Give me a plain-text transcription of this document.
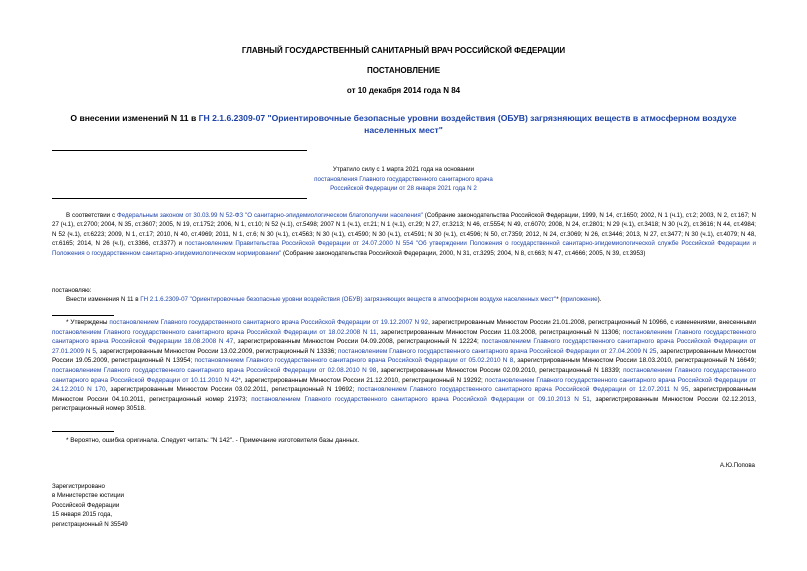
ГЛАВНЫЙ ГОСУДАРСТВЕННЫЙ САНИТАРНЫЙ ВРАЧ РОССИЙСКОЙ ФЕДЕРАЦИИ
ПОСТАНОВЛЕНИЕ
от 10 декабря 2014 года N 84
О внесении изменений N 11 в ГН 2.1.6.2309-07 "Ориентировочные безопасные уровни воздействия (ОБУВ) загрязняющих веществ в атмосферном воздухе
населенных мест"
Утратило силу с 1 марта 2021 года на основании
постановления Главного государственного санитарного врача
Российской Федерации от 28 января 2021 года N 2
В соответствии с Федеральным законом от 30.03.99 N 52-ФЗ "О санитарно-эпидемиологическом благополучии населения" (Собрание законодательства Российской Федерации, 1999, N 14, ст.1650; 2002, N 1 (ч.1), ст.2; 2003, N 2, ст.167; N 27 (ч.1), ст.2700; 2004, N 35, ст.3607; 2005, N 19, ст.1752; 2006, N 1, ст.10; N 52 (ч.1), ст.5498; 2007 N 1 (ч.1), ст.21; N 1 (ч.1), ст.29; N 27, ст.3213; N 46, ст.5554; N 49, ст.6070; 2008, N 24, ст.2801; N 29 (ч.1), ст.3418; N 30 (ч.2), ст.3616; N 44, ст.4984; N 52 (ч.1), ст.6223; 2009, N 1, ст.17; 2010, N 40, ст.4969; 2011, N 1, ст.6; N 30 (ч.1), ст.4563; N 30 (ч.1), ст.4590; N 30 (ч.1), ст.4591; N 30 (ч.1), ст.4596; N 50, ст.7359; 2012, N 24, ст.3069; N 26, ст.3446; 2013, N 27, ст.3477; N 30 (ч.1), ст.4079; N 48, ст.6165; 2014, N 26 (ч.I), ст.3366, ст.3377) и постановлением Правительства Российской Федерации от 24.07.2000 N 554 "Об утверждении Положения о государственной санитарно-эпидемиологической службе Российской Федерации и Положения о государственном санитарно-эпидемиологическом нормировании" (Собрание законодательства Российской Федерации, 2000, N 31, ст.3295; 2004, N 8, ст.663; N 47, ст.4666; 2005, N 39, ст.3953)
постановляю:
Внести изменения N 11 в ГН 2.1.6.2309-07 "Ориентировочные безопасные уровни воздействия (ОБУВ) загрязняющих веществ в атмосферном воздухе населенных мест"* (приложение).
* Утверждены постановлением Главного государственного санитарного врача Российской Федерации от 19.12.2007 N 92, зарегистрированным Минюстом России 21.01.2008, регистрационный N 10966, с изменениями, внесенными постановлением Главного государственного санитарного врача Российской Федерации от 18.02.2008 N 11, зарегистрированным Минюстом России 11.03.2008, регистрационный N 11306; постановлением Главного государственного санитарного врача Российской Федерации 18.08.2008 N 47, зарегистрированным Минюстом России 04.09.2008, регистрационный N 12224; постановлением Главного государственного санитарного врача Российской Федерации от 27.01.2009 N 5, зарегистрированным Минюстом России 13.02.2009, регистрационный N 13336; постановлением Главного государственного санитарного врача Российской Федерации от 27.04.2009 N 25, зарегистрированным Минюстом России 19.05.2009, регистрационный N 13954; постановлением Главного государственного санитарного врача Российской Федерации от 05.02.2010 N 8, зарегистрированным Минюстом России 18.03.2010, регистрационный N 16649; постановлением Главного государственного санитарного врача Российской Федерации от 02.08.2010 N 98, зарегистрированным Минюстом России 02.09.2010, регистрационный N 18339; постановлением Главного государственного санитарного врача Российской Федерации от 10.11.2010 N 42*, зарегистрированным Минюстом России 21.12.2010, регистрационный N 19292; постановлением Главного государственного санитарного врача Российской Федерации от 24.12.2010 N 170, зарегистрированным Минюстом России 03.02.2011, регистрационный N 19692; постановлением Главного государственного санитарного врача Российской Федерации от 12.07.2011 N 95, зарегистрированным Минюстом России 04.10.2011, регистрационный номер 21973; постановлением Главного государственного санитарного врача Российской Федерации от 09.10.2013 N 51, зарегистрированным Минюстом России 02.12.2013, регистрационный номер 30518.
* Вероятно, ошибка оригинала. Следует читать: "N 142". - Примечание изготовителя базы данных.
А.Ю.Попова
Зарегистрировано
в Министерстве юстиции
Российской Федерации
15 января 2015 года,
регистрационный N 35549
